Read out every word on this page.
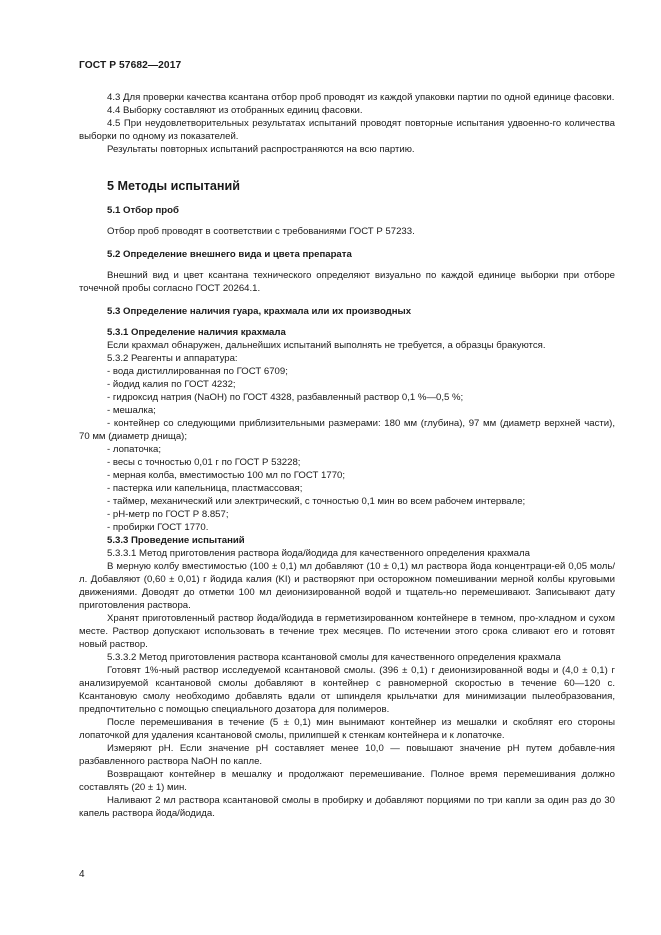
ГОСТ Р 57682—2017

4.3 Для проверки качества ксантана отбор проб проводят из каждой упаковки партии по одной единице фасовки.

4.4 Выборку составляют из отобранных единиц фасовки.

4.5 При неудовлетворительных результатах испытаний проводят повторные испытания удвоенно-го количества выборки по одному из показателей.

Результаты повторных испытаний распространяются на всю партию.

5 Методы испытаний
5.1 Отбор проб

Отбор проб проводят в соответствии с требованиями ГОСТ Р 57233.

5.2 Определение внешнего вида и цвета препарата

Внешний вид и цвет ксантана технического определяют визуально по каждой единице выборки при отборе точечной пробы согласно ГОСТ 20264.1.

5.3 Определение наличия гуара, крахмала или их производных

5.3.1 Определение наличия крахмала

Если крахмал обнаружен, дальнейших испытаний выполнять не требуется, а образцы бракуются.

5.3.2 Реагенты и аппаратура:

- вода дистиллированная по ГОСТ 6709;

- йодид калия по ГОСТ 4232;

- гидроксид натрия (NaOH) по ГОСТ 4328, разбавленный раствор 0,1 %—0,5 %;

- мешалка;

- контейнер со следующими приблизительными размерами: 180 мм (глубина), 97 мм (диаметр верхней части), 70 мм (диаметр днища);

- лопаточка;

- весы с точностью 0,01 г по ГОСТ Р 53228;

- мерная колба, вместимостью 100 мл по ГОСТ 1770;

- пастерка или капельница, пластмассовая;

- таймер, механический или электрический, с точностью 0,1 мин во всем рабочем интервале;

- pH-метр по ГОСТ Р 8.857;

- пробирки ГОСТ 1770.

5.3.3 Проведение испытаний

5.3.3.1 Метод приготовления раствора йода/йодида для качественного определения крахмала

В мерную колбу вместимостью (100 ± 0,1) мл добавляют (10 ± 0,1) мл раствора йода концентраци-ей 0,05 моль/л. Добавляют (0,60 ± 0,01) г йодида калия (KI) и растворяют при осторожном помешивании мерной колбы круговыми движениями. Доводят до отметки 100 мл деионизированной водой и тщатель-но перемешивают. Записывают дату приготовления раствора.

Хранят приготовленный раствор йода/йодида в герметизированном контейнере в темном, про-хладном и сухом месте. Раствор допускают использовать в течение трех месяцев. По истечении этого срока сливают его и готовят новый раствор.

5.3.3.2 Метод приготовления раствора ксантановой смолы для качественного определения крахмала

Готовят 1%-ный раствор исследуемой ксантановой смолы. (396 ± 0,1) г деионизированной воды и (4,0 ± 0,1) г анализируемой ксантановой смолы добавляют в контейнер с равномерной скоростью в течение 60—120 с. Ксантановую смолу необходимо добавлять вдали от шпинделя крыльчатки для минимизации пылеобразования, предпочтительно с помощью специального дозатора для полимеров.

После перемешивания в течение (5 ± 0,1) мин вынимают контейнер из мешалки и скобляят его стороны лопаточкой для удаления ксантановой смолы, прилипшей к стенкам контейнера и к лопаточке.

Измеряют pH. Если значение pH составляет менее 10,0 — повышают значение pH путем добавле-ния разбавленного раствора NaOH по капле.

Возвращают контейнер в мешалку и продолжают перемешивание. Полное время перемешивания должно составлять (20 ± 1) мин.

Наливают 2 мл раствора ксантановой смолы в пробирку и добавляют порциями по три капли за один раз до 30 капель раствора йода/йодида.

4
